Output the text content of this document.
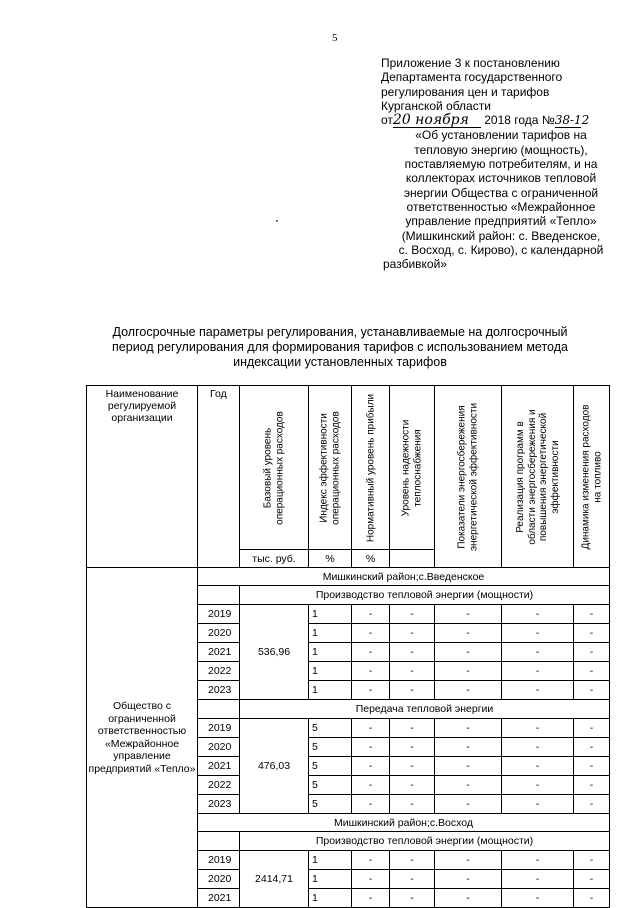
5
Приложение 3 к постановлению
Департамента государственного
регулирования цен и тарифов
Курганской области
от20 ноября 2018 года №38-12
«Об установлении тарифов на
тепловую энергию (мощность),
поставляемую потребителям, и на
коллекторах источников тепловой
энергии Общества с ограниченной
ответственностью «Межрайонное
управление предприятий «Тепло»
(Мишкинский район: с. Введенское,
с. Восход, с. Кирово), с календарной
разбивкой»
Долгосрочные параметры регулирования, устанавливаемые на долгосрочный
период регулирования для формирования тарифов с использованием метода
индексации установленных тарифов
Наименование регулируемой организации	Год	Базовый уровень операционных расходов	Индекс эффективности операционных расходов	Нормативный уровень прибыли	Уровень надежности теплоснабжения	Показатели энергосбережения энергетической эффективности	Реализация программ в области энергосбережения и повышения энергетической эффективности	Динамика изменения расходов на топливо

		тыс. руб.	%	%				
Общество с ограниченной ответственностью «Межрайонное управление предприятий «Тепло»	Мишкинский район;с.Введенское							
		Производство тепловой энергии (мощности)						
	2019	536,96	1	-	-	-	-	-
	2020		1	-	-	-	-	-
	2021		1	-	-	-	-	-
	2022		1	-	-	-	-	-
	2023		1	-	-	-	-	-
		Передача тепловой энергии						
	2019	476,03	5	-	-	-	-	-
	2020		5	-	-	-	-	-
	2021		5	-	-	-	-	-
	2022		5	-	-	-	-	-
	2023		5	-	-	-	-	-
	Мишкинский район;с.Восход							
		Производство тепловой энергии (мощности)						
	2019	2414,71	1	-	-	-	-	-
	2020		1	-	-	-	-	-
	2021		1	-	-	-	-	-
